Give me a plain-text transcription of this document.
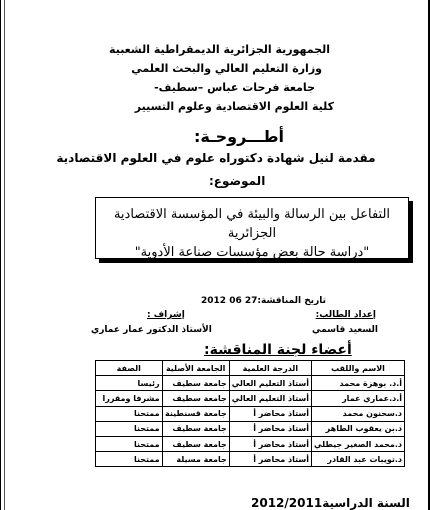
الجمهورية الجزائرية الديمقراطية الشعبية
وزارة التعليم العالي والبحث العلمي
جامعة فرحات عباس –سطيف-
كلية العلوم الاقتصادية وعلوم التسيير
أطـــروحـة:
مقدمة لنيل شهادة دكتوراه علوم في العلوم الاقتصادية
الموضوع:
التفاعل بين الرسالة والبيئة في المؤسسة الاقتصادية الجزائرية
"دراسة حالة بعض مؤسسات صناعة الأدوية"
تاريخ المناقشة:27 06 2012
إعداد الطالب:
إشراف :
السعيد قاسمي
الأستاذ الدكتور عمار عماري
أعضاء لجنة المناقشة:
الاسم واللقب	الدرجة العلمية	الجامعة الأصلية	الصفة
أ.د. بوهزة محمد	أستاذ التعليم العالي	جامعة سطيف	رئيسا
أ.د.عماري عمار	أستاذ التعليم العالي	جامعة سطيف	مشرفا ومقررا
د.سحنون محمد	أستاذ محاضر أ	جامعة قسنطينة	ممتحنا
د.بن يعقوب الطاهر	أستاذ محاضر أ	جامعة سطيف	ممتحنا
د.محمد الصغير جيطلي	أستاذ محاضر أ	جامعة سطيف	ممتحنا
د.تويبات عبد القادر	أستاذ محاضر أ	جامعة مسيلة	ممتحنا
السنة الدراسية2012/2011
